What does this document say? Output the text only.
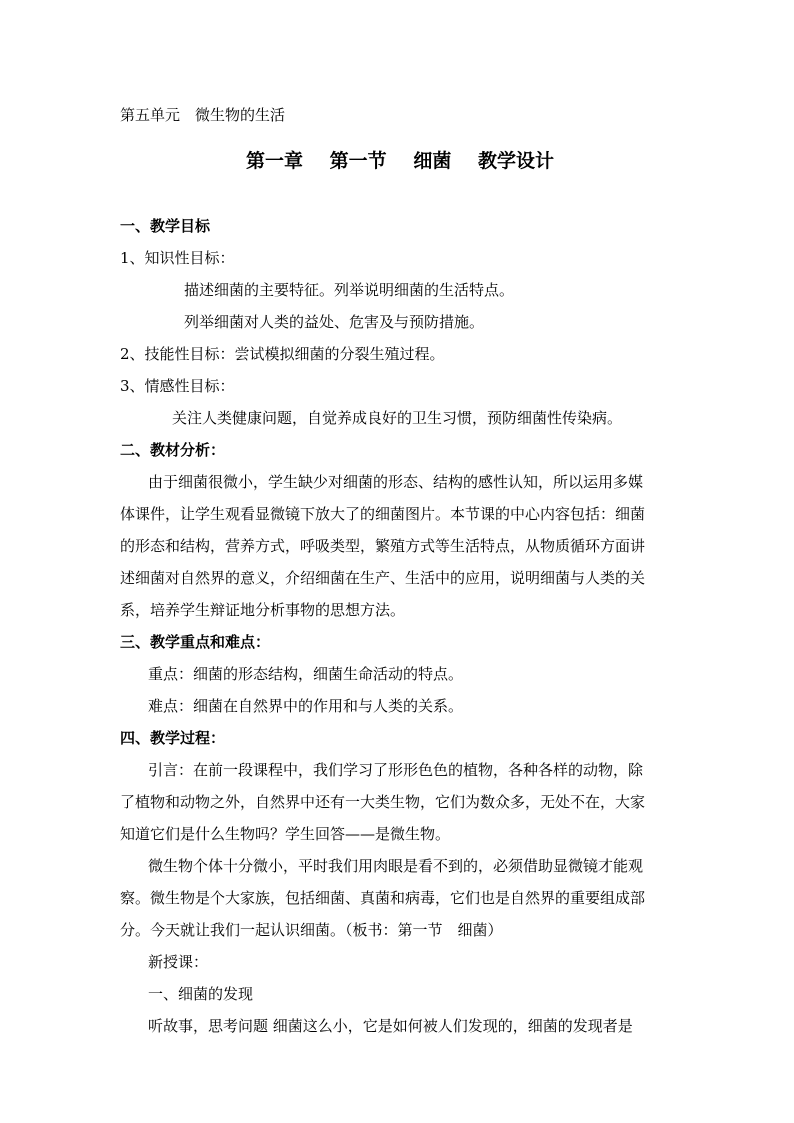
第五单元　微生物的生活
第一章 第一节 细菌 教学设计
一、教学目标
1、知识性目标：
描述细菌的主要特征。列举说明细菌的生活特点。
列举细菌对人类的益处、危害及与预防措施。
2、技能性目标：尝试模拟细菌的分裂生殖过程。
3、情感性目标：
关注人类健康问题，自觉养成良好的卫生习惯，预防细菌性传染病。
二、教材分析：
由于细菌很微小，学生缺少对细菌的形态、结构的感性认知，所以运用多媒
体课件，让学生观看显微镜下放大了的细菌图片。本节课的中心内容包括：细菌
的形态和结构，营养方式，呼吸类型，繁殖方式等生活特点，从物质循环方面讲
述细菌对自然界的意义，介绍细菌在生产、生活中的应用，说明细菌与人类的关
系，培养学生辩证地分析事物的思想方法。
三、教学重点和难点：
重点：细菌的形态结构，细菌生命活动的特点。
难点：细菌在自然界中的作用和与人类的关系。
四、教学过程：
引言：在前一段课程中，我们学习了形形色色的植物，各种各样的动物，除
了植物和动物之外，自然界中还有一大类生物，它们为数众多，无处不在，大家
知道它们是什么生物吗？学生回答——是微生物。
微生物个体十分微小，平时我们用肉眼是看不到的，必须借助显微镜才能观
察。微生物是个大家族，包括细菌、真菌和病毒，它们也是自然界的重要组成部
分。今天就让我们一起认识细菌。（板书：第一节　细菌）
新授课：
一、细菌的发现
听故事，思考问题 细菌这么小，它是如何被人们发现的，细菌的发现者是
